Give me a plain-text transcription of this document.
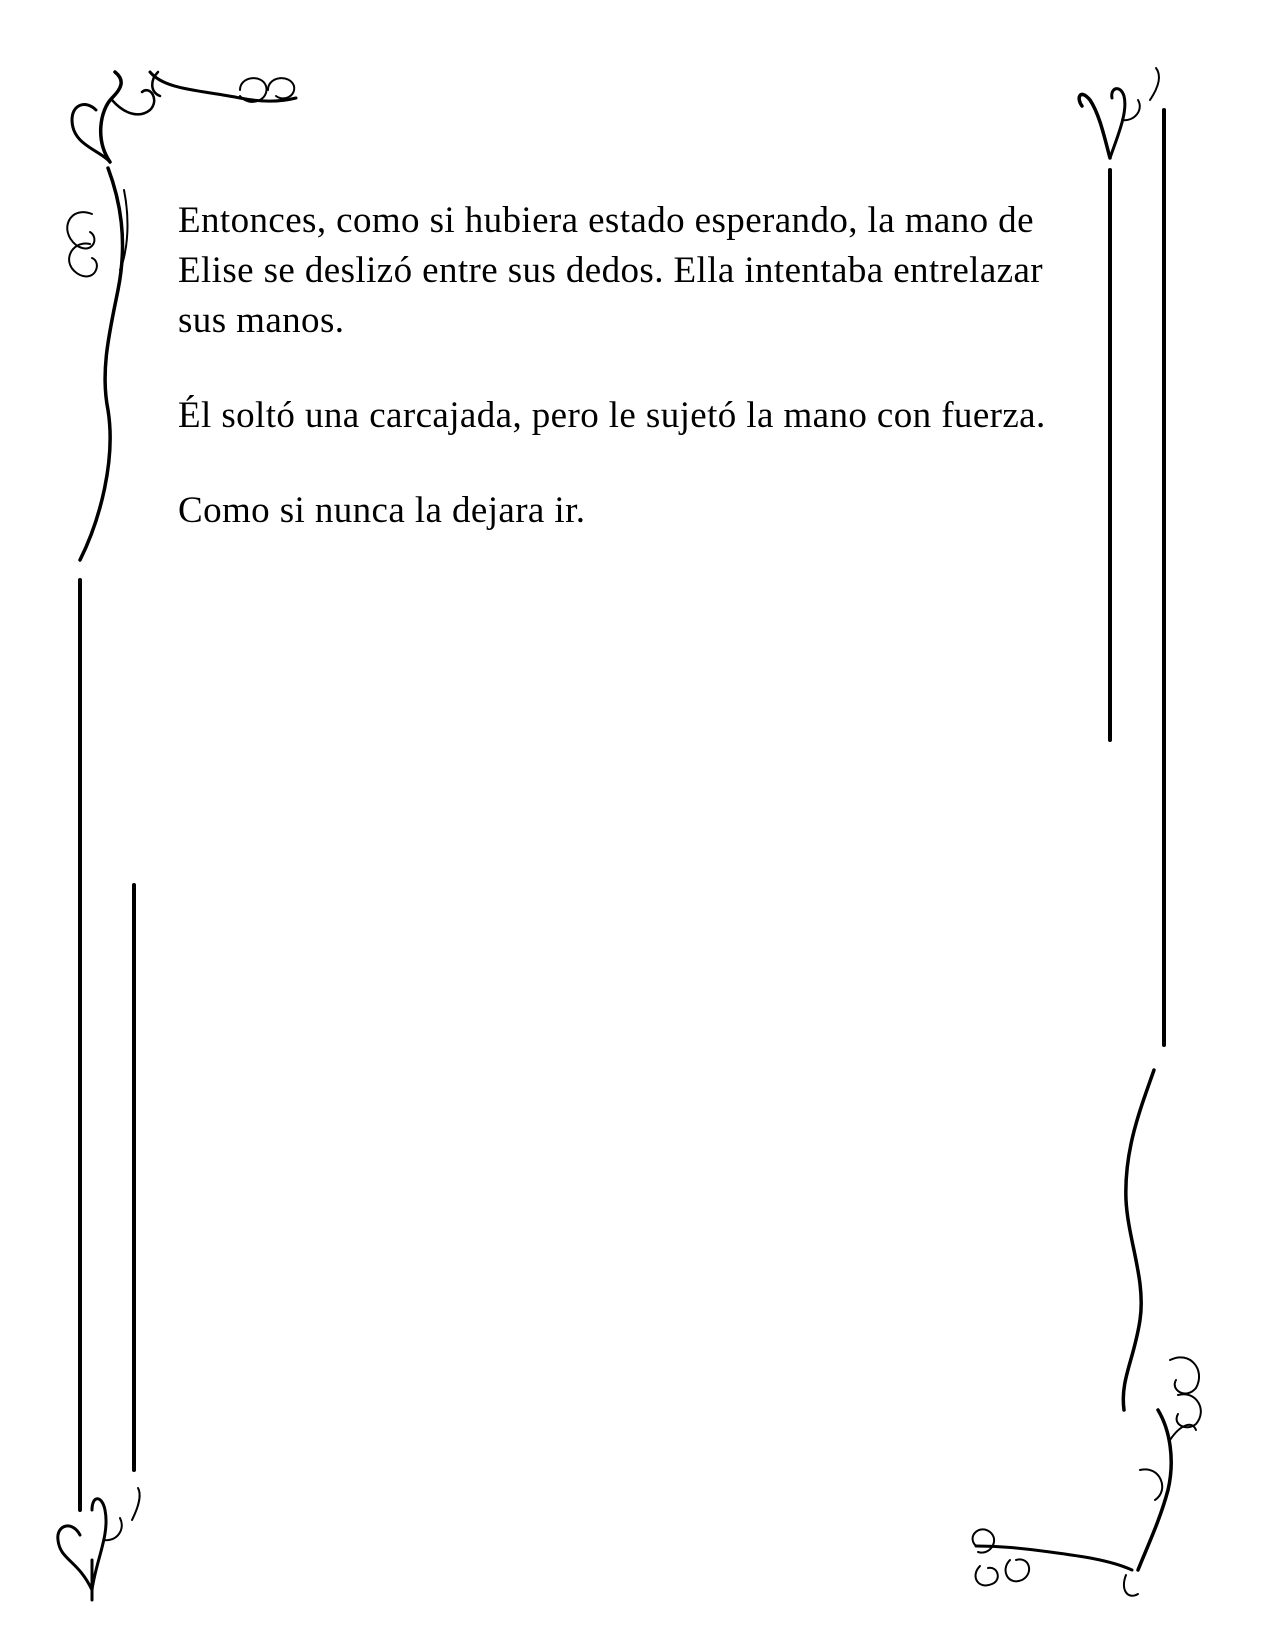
Entonces, como si hubiera estado esperando, la mano de Elise se deslizó entre sus dedos. Ella intentaba entrelazar sus manos.

Él soltó una carcajada, pero le sujetó la mano con fuerza.

Como si nunca la dejara ir.
